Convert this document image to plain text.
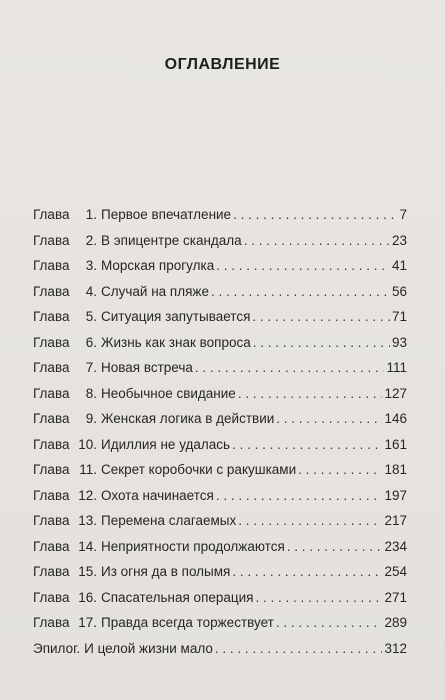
ОГЛАВЛЕНИЕ
Глава	1. Первое впечатление . . .	7
Глава	2. В эпицентре скандала . . .	23
Глава	3. Морская прогулка . . .	41
Глава	4. Случай на пляже . . .	56
Глава	5. Ситуация запутывается . . .	71
Глава	6. Жизнь как знак вопроса . . .	93
Глава	7. Новая встреча . . .	111
Глава	8. Необычное свидание . . .	127
Глава	9. Женская логика в действии . . .	146
Глава 10. Идиллия не удалась . . .	161
Глава 11. Секрет коробочки с ракушками . . .	181
Глава 12. Охота начинается . . .	197
Глава 13. Перемена слагаемых . . .	217
Глава 14. Неприятности продолжаются . . .	234
Глава 15. Из огня да в полымя . . .	254
Глава 16. Спасательная операция . . .	271
Глава 17. Правда всегда торжествует . . .	289
Эпилог. И целой жизни мало . . .	312
